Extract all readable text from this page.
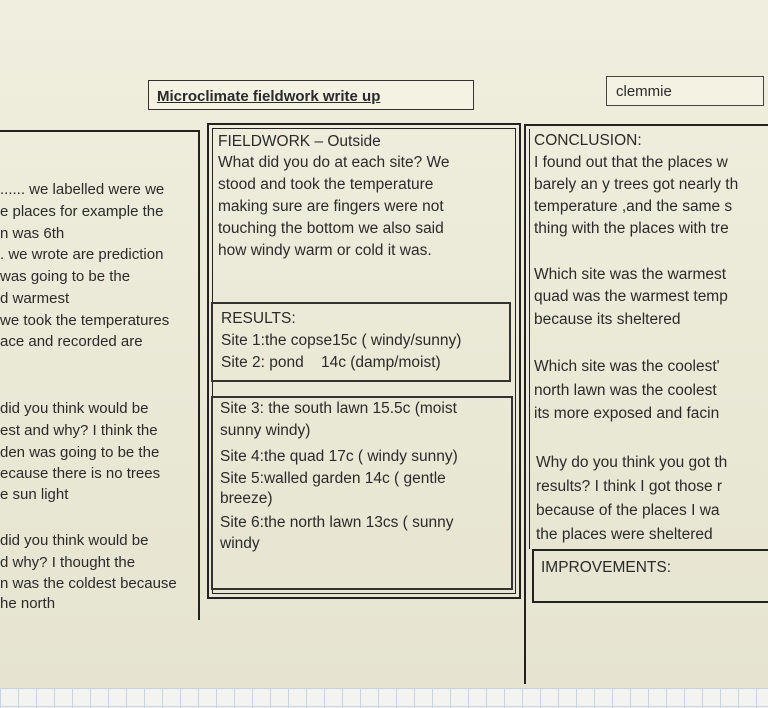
Microclimate fieldwork write up	clemmie
...... we labelled were we
e places for example the
n was 6th
. we wrote are prediction
was going to be the
d warmest
we took the temperatures
ace and recorded are
did you think would be
est and why? I think the
den was going to be the
ecause there is no trees
e sun light
did you think would be
d why? I thought the
n was the coldest because
he north
FIELDWORK – Outside
What did you do at each site? We
stood and took the temperature
making sure are fingers were not
touching the bottom we also said
how windy warm or cold it was.
RESULTS:
Site 1:the copse15c ( windy/sunny)
Site 2: pond    14c (damp/moist)
Site 3: the south lawn 15.5c (moist
sunny windy)
Site 4:the quad 17c ( windy sunny)
Site 5:walled garden 14c ( gentle
breeze)
Site 6:the north lawn 13cs ( sunny
windy
CONCLUSION:
I found out that the places w
barely an y trees got nearly th
temperature ,and the same s
thing with the places with tre
Which site was the warmest
quad was the warmest temp
because its sheltered
Which site was the coolest'
north lawn was the coolest
its more exposed and facin
Why do you think you got th
results? I think I got those r
because of the places I wa
the places were sheltered
IMPROVEMENTS:
